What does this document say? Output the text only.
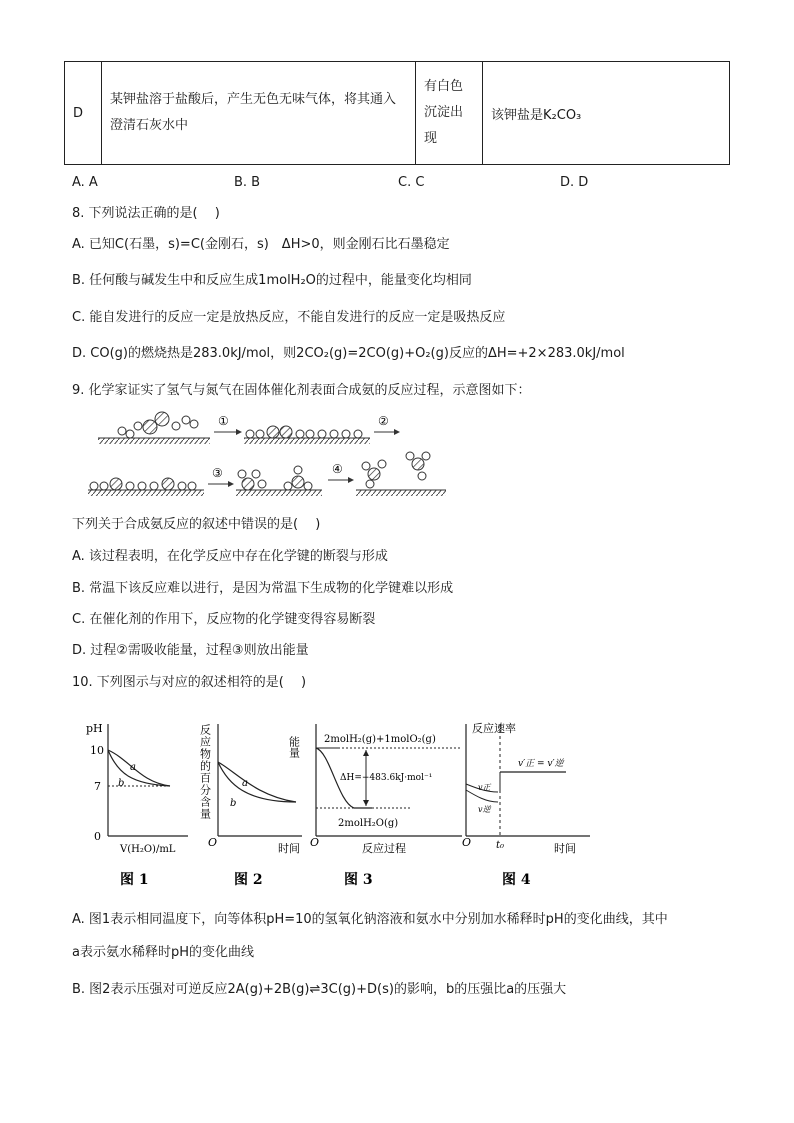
D	某钾盐溶于盐酸后，产生无色无味气体，将其通入澄清石灰水中	有白色沉淀出现	该钾盐是K₂CO₃
A. A	B. B	C. C	D. D
8. 下列说法正确的是(　 )
A. 已知C(石墨，s)=C(金刚石，s)　ΔH>0，则金刚石比石墨稳定
B. 任何酸与碱发生中和反应生成1molH₂O的过程中，能量变化均相同
C. 能自发进行的反应一定是放热反应，不能自发进行的反应一定是吸热反应
D. CO(g)的燃烧热是283.0kJ/mol，则2CO₂(g)=2CO(g)+O₂(g)反应的ΔH=+2×283.0kJ/mol
9. 化学家证实了氢气与氮气在固体催化剂表面合成氨的反应过程，示意图如下：
①	②
③	④
下列关于合成氨反应的叙述中错误的是(　 )
A. 该过程表明，在化学反应中存在化学键的断裂与形成
B. 常温下该反应难以进行，是因为常温下生成物的化学键难以形成
C. 在催化剂的作用下，反应物的化学键变得容易断裂
D. 过程②需吸收能量，过程③则放出能量
10. 下列图示与对应的叙述相符的是(　 )
pH
10
7
0
a
b
V(H₂O)/mL
图 1
反应物的百分含量	a
b
O	时间
图 2
能量 2molH₂(g)+1molO₂(g)
ΔH=−483.6kJ·mol⁻¹
2molH₂O(g)
O	反应过程
图 3
反应速率
v′正 = v′逆
v正
v逆
O t₀	时间
图 4
A. 图1表示相同温度下，向等体积pH=10的氢氧化钠溶液和氨水中分别加水稀释时pH的变化曲线，其中
a表示氨水稀释时pH的变化曲线
B. 图2表示压强对可逆反应2A(g)+2B(g)⇌3C(g)+D(s)的影响，b的压强比a的压强大
